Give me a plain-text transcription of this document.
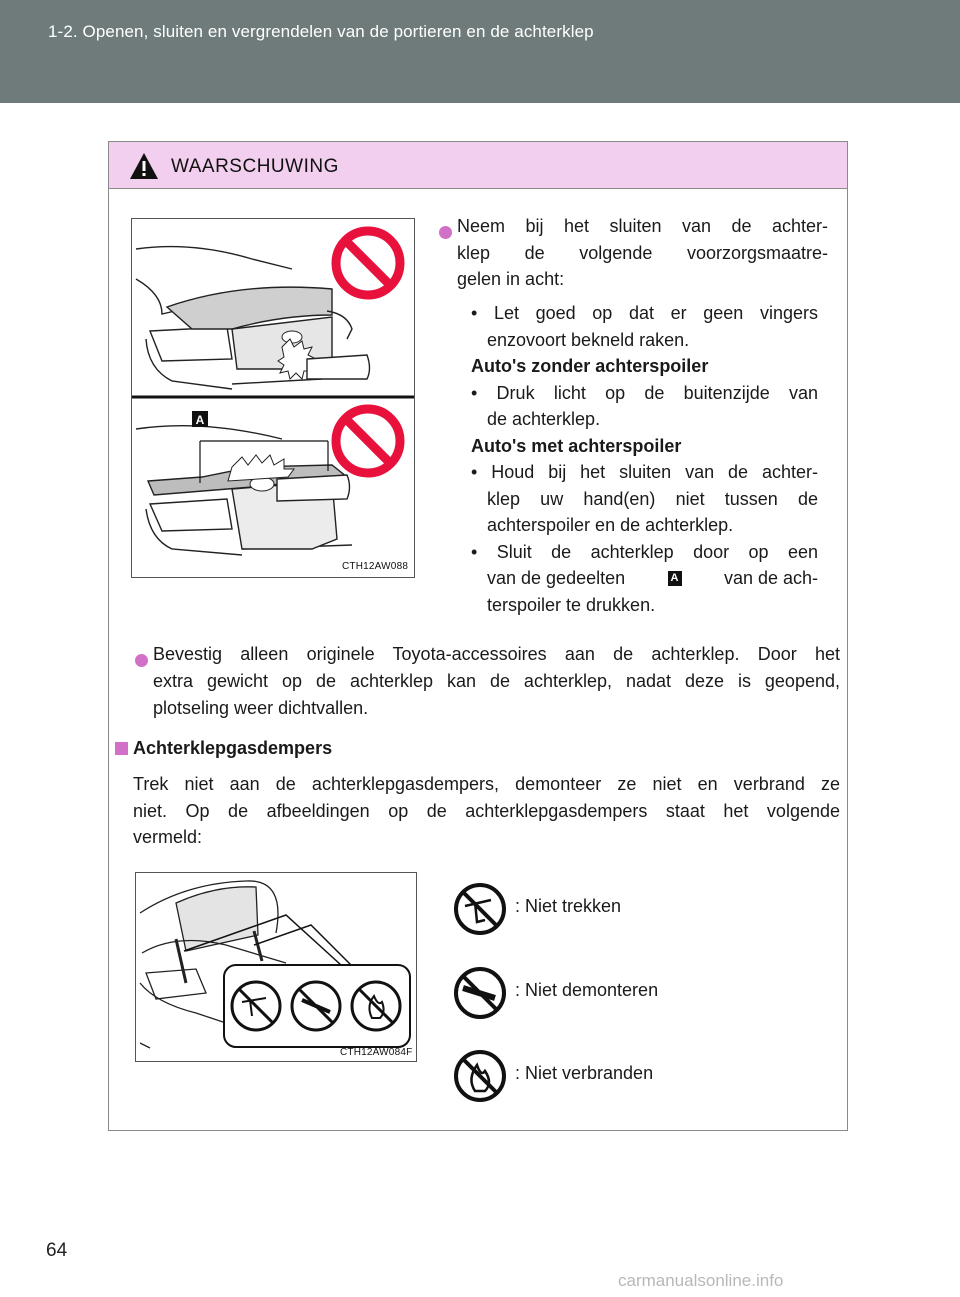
1-2. Openen, sluiten en vergrendelen van de portieren en de achterklep
WAARSCHUWING
A
CTH12AW088
Neem bij het sluiten van de achter-
klep de volgende voorzorgsmaatre-
gelen in acht:
• Let goed op dat er geen vingers
enzovoort bekneld raken.
Auto's zonder achterspoiler
• Druk licht op de buitenzijde van
de achterklep.
Auto's met achterspoiler
• Houd bij het sluiten van de achter-
klep uw hand(en) niet tussen de
achterspoiler en de achterklep.
• Sluit de achterklep door op een
van de gedeelten	A	van de ach-
terspoiler te drukken.
Bevestig alleen originele Toyota-accessoires aan de achterklep. Door het
extra gewicht op de achterklep kan de achterklep, nadat deze is geopend,
plotseling weer dichtvallen.
Achterklepgasdempers
Trek niet aan de achterklepgasdempers, demonteer ze niet en verbrand ze
niet. Op de afbeeldingen op de achterklepgasdempers staat het volgende
vermeld:
CTH12AW084F
: Niet trekken
: Niet demonteren
: Niet verbranden
64
carmanualsonline.info
